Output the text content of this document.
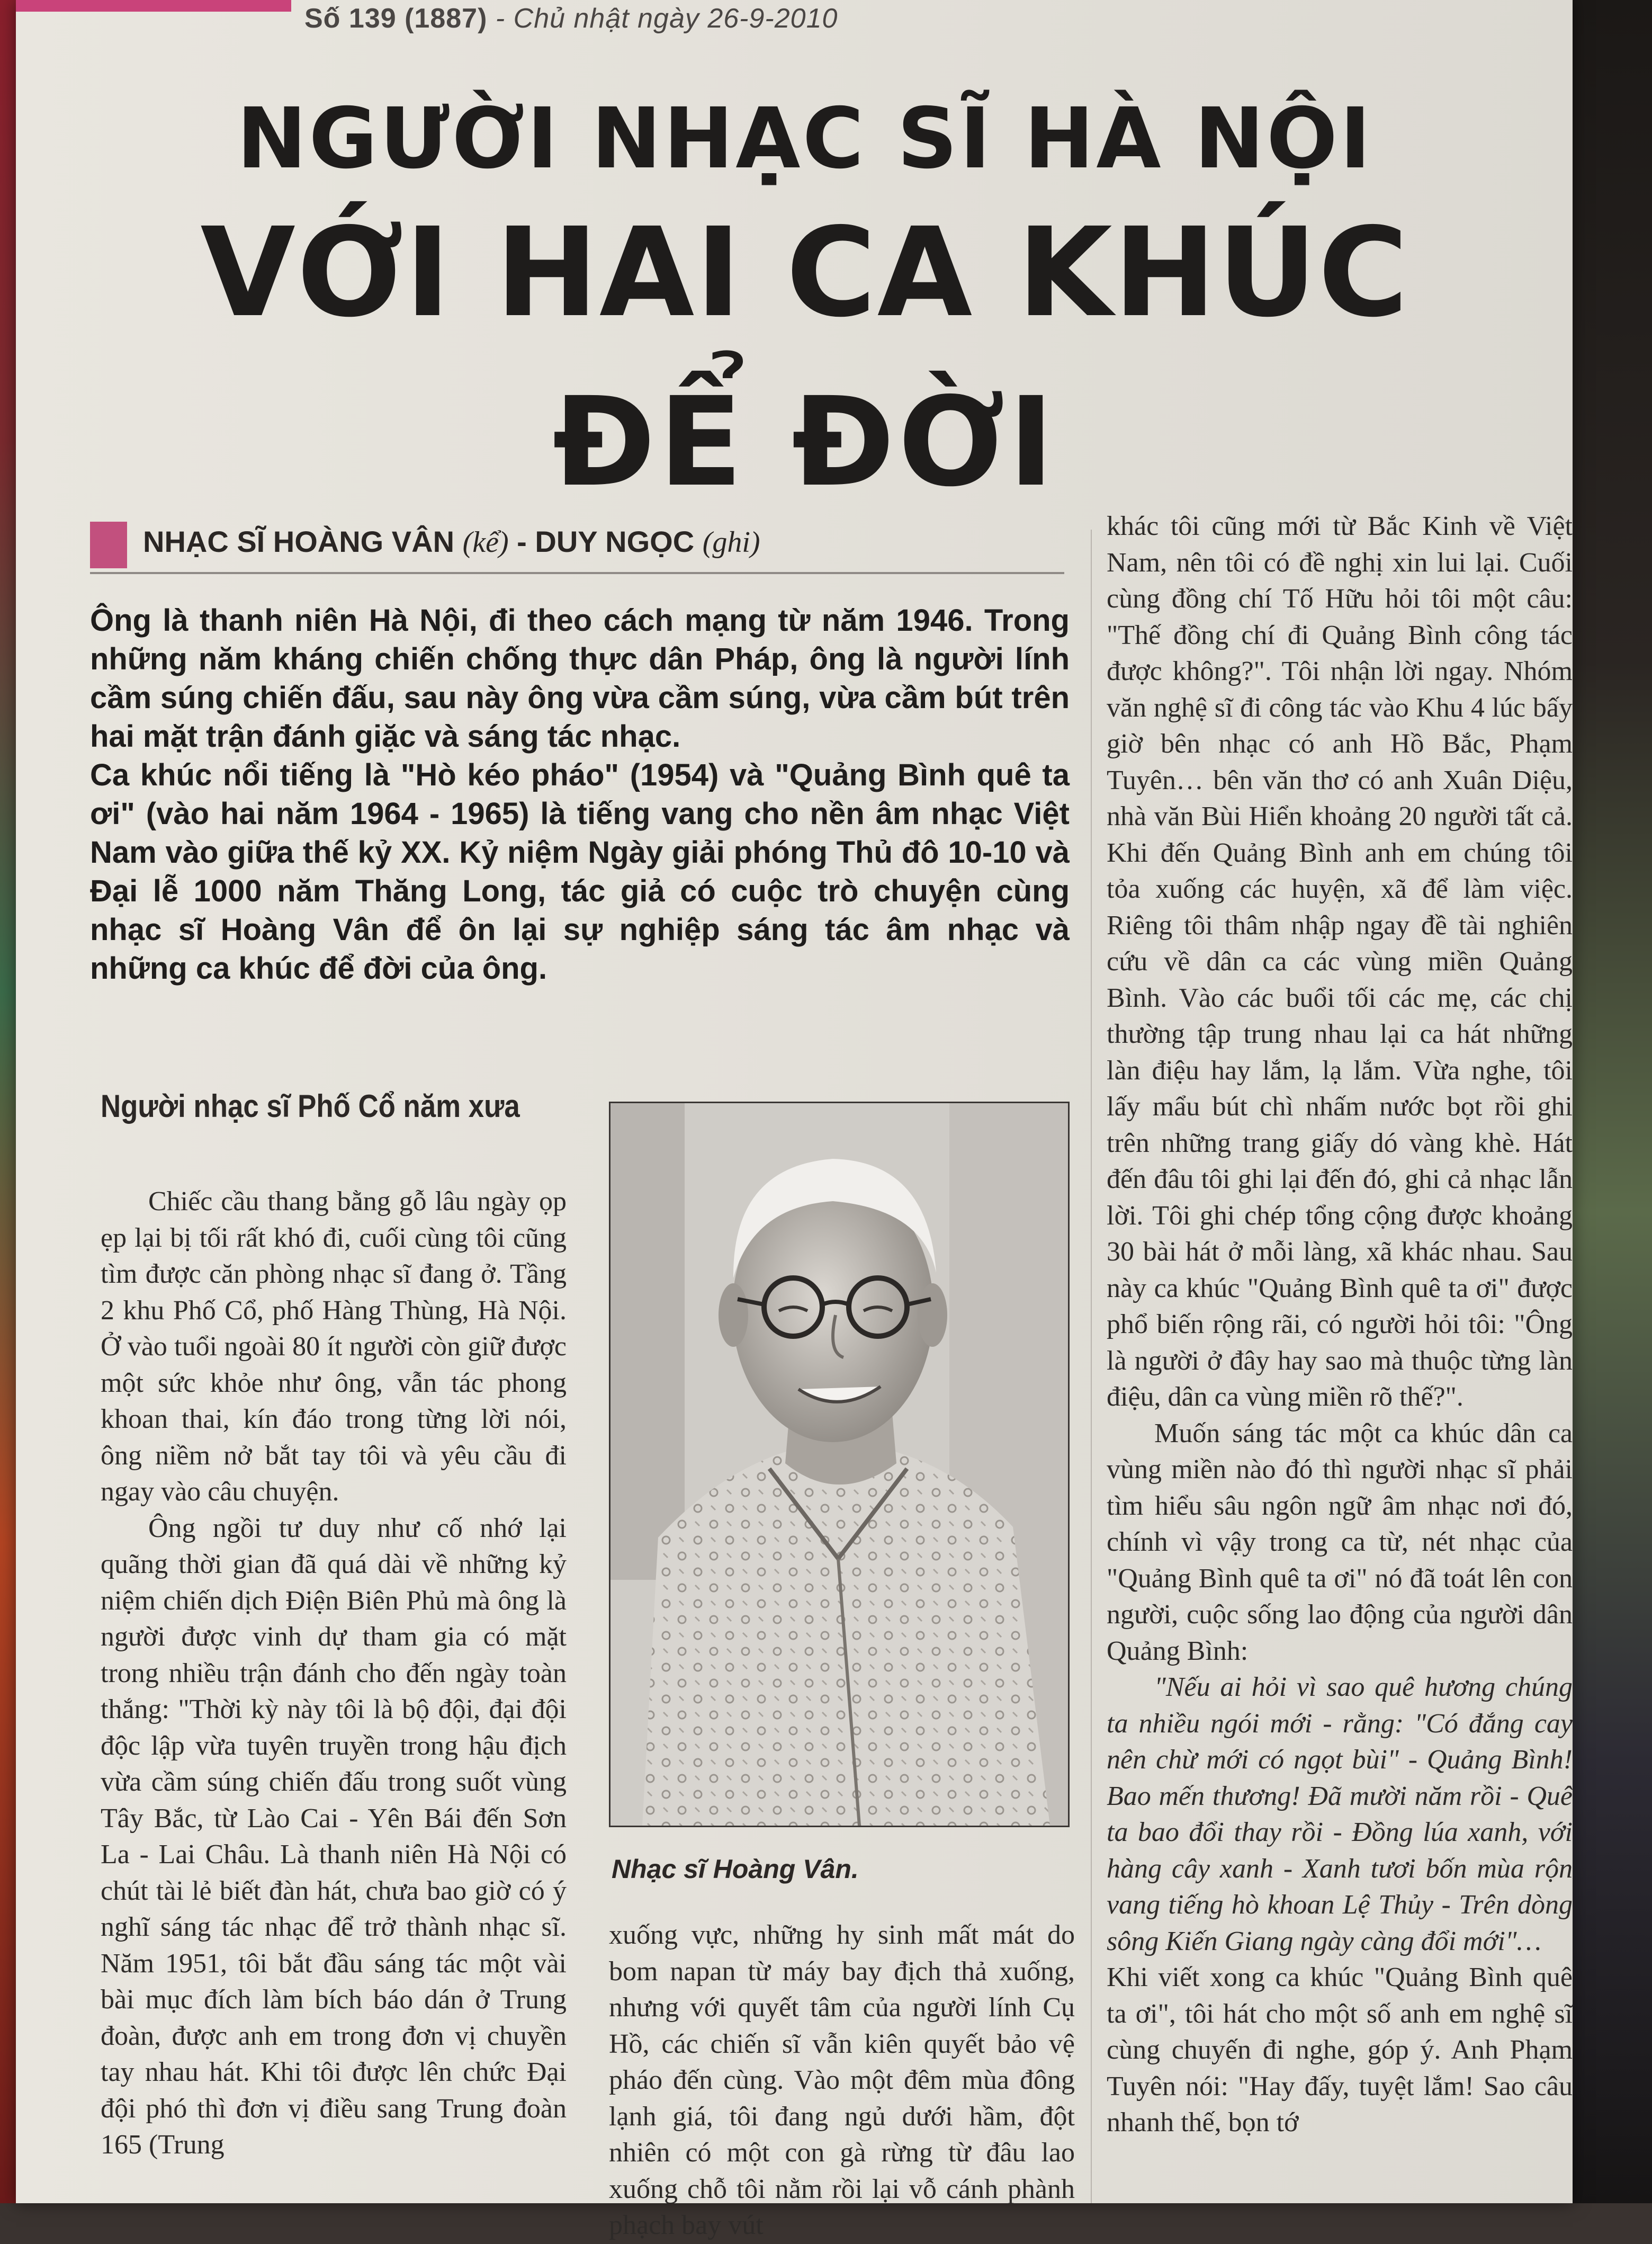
Số 139 (1887) - Chủ nhật ngày 26-9-2010
NGƯỜI NHẠC SĨ HÀ NỘI
VỚI HAI CA KHÚC
ĐỂ ĐỜI
NHẠC SĨ HOÀNG VÂN (kể) - DUY NGỌC (ghi)

Ông là thanh niên Hà Nội, đi theo cách mạng từ năm 1946. Trong những năm kháng chiến chống thực dân Pháp, ông là người lính cầm súng chiến đấu, sau này ông vừa cầm súng, vừa cầm bút trên hai mặt trận đánh giặc và sáng tác nhạc.

Ca khúc nổi tiếng là "Hò kéo pháo" (1954) và "Quảng Bình quê ta ơi" (vào hai năm 1964 - 1965) là tiếng vang cho nền âm nhạc Việt Nam vào giữa thế kỷ XX. Kỷ niệm Ngày giải phóng Thủ đô 10-10 và Đại lễ 1000 năm Thăng Long, tác giả có cuộc trò chuyện cùng nhạc sĩ Hoàng Vân để ôn lại sự nghiệp sáng tác âm nhạc và những ca khúc để đời của ông.

Người nhạc sĩ Phố Cổ năm xưa

Chiếc cầu thang bằng gỗ lâu ngày ọp ẹp lại bị tối rất khó đi, cuối cùng tôi cũng tìm được căn phòng nhạc sĩ đang ở. Tầng 2 khu Phố Cổ, phố Hàng Thùng, Hà Nội. Ở vào tuổi ngoài 80 ít người còn giữ được một sức khỏe như ông, vẫn tác phong khoan thai, kín đáo trong từng lời nói, ông niềm nở bắt tay tôi và yêu cầu đi ngay vào câu chuyện.

Ông ngồi tư duy như cố nhớ lại quãng thời gian đã quá dài về những kỷ niệm chiến dịch Điện Biên Phủ mà ông là người được vinh dự tham gia có mặt trong nhiều trận đánh cho đến ngày toàn thắng: "Thời kỳ này tôi là bộ đội, đại đội độc lập vừa tuyên truyền trong hậu địch vừa cầm súng chiến đấu trong suốt vùng Tây Bắc, từ Lào Cai - Yên Bái đến Sơn La - Lai Châu. Là thanh niên Hà Nội có chút tài lẻ biết đàn hát, chưa bao giờ có ý nghĩ sáng tác nhạc để trở thành nhạc sĩ. Năm 1951, tôi bắt đầu sáng tác một vài bài mục đích làm bích báo dán ở Trung đoàn, được anh em trong đơn vị chuyền tay nhau hát. Khi tôi được lên chức Đại đội phó thì đơn vị điều sang Trung đoàn 165 (Trung

Nhạc sĩ Hoàng Vân.

xuống vực, những hy sinh mất mát do bom napan từ máy bay địch thả xuống, nhưng với quyết tâm của người lính Cụ Hồ, các chiến sĩ vẫn kiên quyết bảo vệ pháo đến cùng. Vào một đêm mùa đông lạnh giá, tôi đang ngủ dưới hầm, đột nhiên có một con gà rừng từ đâu lao xuống chỗ tôi nằm rồi lại vỗ cánh phành phạch bay vút

khác tôi cũng mới từ Bắc Kinh về Việt Nam, nên tôi có đề nghị xin lui lại. Cuối cùng đồng chí Tố Hữu hỏi tôi một câu: "Thế đồng chí đi Quảng Bình công tác được không?". Tôi nhận lời ngay. Nhóm văn nghệ sĩ đi công tác vào Khu 4 lúc bấy giờ bên nhạc có anh Hồ Bắc, Phạm Tuyên… bên văn thơ có anh Xuân Diệu, nhà văn Bùi Hiển khoảng 20 người tất cả. Khi đến Quảng Bình anh em chúng tôi tỏa xuống các huyện, xã để làm việc. Riêng tôi thâm nhập ngay đề tài nghiên cứu về dân ca các vùng miền Quảng Bình. Vào các buổi tối các mẹ, các chị thường tập trung nhau lại ca hát những làn điệu hay lắm, lạ lắm. Vừa nghe, tôi lấy mẩu bút chì nhấm nước bọt rồi ghi trên những trang giấy dó vàng khè. Hát đến đâu tôi ghi lại đến đó, ghi cả nhạc lẫn lời. Tôi ghi chép tổng cộng được khoảng 30 bài hát ở mỗi làng, xã khác nhau. Sau này ca khúc "Quảng Bình quê ta ơi" được phổ biến rộng rãi, có người hỏi tôi: "Ông là người ở đây hay sao mà thuộc từng làn điệu, dân ca vùng miền rõ thế?".

Muốn sáng tác một ca khúc dân ca vùng miền nào đó thì người nhạc sĩ phải tìm hiểu sâu ngôn ngữ âm nhạc nơi đó, chính vì vậy trong ca từ, nét nhạc của "Quảng Bình quê ta ơi" nó đã toát lên con người, cuộc sống lao động của người dân Quảng Bình:

"Nếu ai hỏi vì sao quê hương chúng ta nhiều ngói mới - rằng: "Có đắng cay nên chừ mới có ngọt bùi" - Quảng Bình! Bao mến thương! Đã mười năm rồi - Quê ta bao đổi thay rồi - Đồng lúa xanh, với hàng cây xanh - Xanh tươi bốn mùa rộn vang tiếng hò khoan Lệ Thủy - Trên dòng sông Kiến Giang ngày càng đổi mới"…

Khi viết xong ca khúc "Quảng Bình quê ta ơi", tôi hát cho một số anh em nghệ sĩ cùng chuyến đi nghe, góp ý. Anh Phạm Tuyên nói: "Hay đấy, tuyệt lắm! Sao câu nhanh thế, bọn tớ
